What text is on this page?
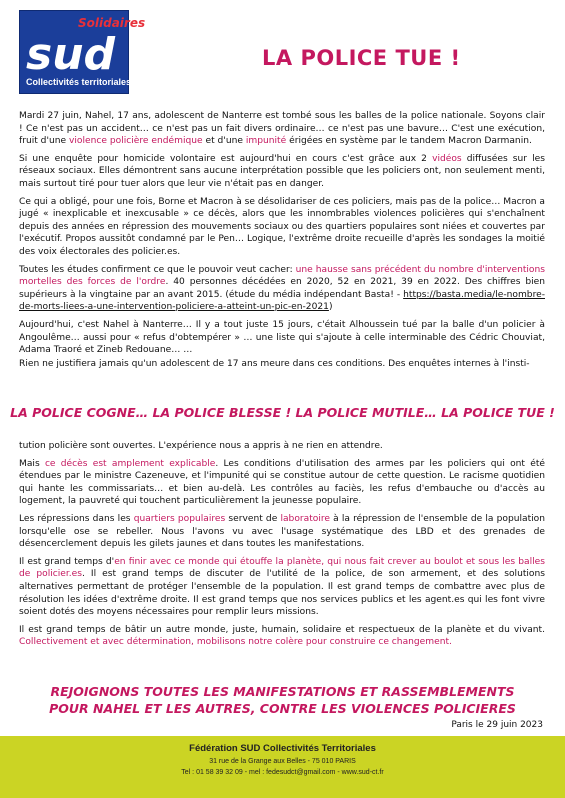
Solidaires
sud
Collectivités territoriales
LA POLICE TUE !

Mardi 27 juin, Nahel, 17 ans, adolescent de Nanterre est tombé sous les balles de la police nationale. Soyons clair ! Ce n'est pas un accident… ce n'est pas un fait divers ordinaire… ce n'est pas une bavure… C'est une exécution, fruit d'une violence policière endémique et d'une impunité érigées en système par le tandem Macron Darmanin.

Si une enquête pour homicide volontaire est aujourd'hui en cours c'est grâce aux 2 vidéos diffusées sur les réseaux sociaux. Elles démontrent sans aucune interprétation possible que les policiers ont, non seulement menti, mais surtout tiré pour tuer alors que leur vie n'était pas en danger.

Ce qui a obligé, pour une fois, Borne et Macron à se désolidariser de ces policiers, mais pas de la police… Macron a jugé « inexplicable et inexcusable » ce décès, alors que les innombrables violences policières qui s'enchaînent depuis des années en répression des mouvements sociaux ou des quartiers populaires sont niées et couvertes par l'exécutif. Propos aussitôt condamné par le Pen… Logique, l'extrême droite recueille d'après les sondages la moitié des voix électorales des policier.es.

Toutes les études confirment ce que le pouvoir veut cacher: une hausse sans précédent du nombre d'interventions mortelles des forces de l'ordre. 40 personnes décédées en 2020, 52 en 2021, 39 en 2022. Des chiffres bien supérieurs à la vingtaine par an avant 2015. (étude du média indépendant Basta! - https://basta.media/le-nombre-de-morts-liees-a-une-intervention-policiere-a-atteint-un-pic-en-2021)

Aujourd'hui, c'est Nahel à Nanterre… Il y a tout juste 15 jours, c'était Alhoussein tué par la balle d'un policier à Angoulême… aussi pour « refus d'obtempérer » … une liste qui s'ajoute à celle interminable des Cédric Chouviat, Adama Traoré et Zineb Redouane… …

Rien ne justifiera jamais qu'un adolescent de 17 ans meure dans ces conditions. Des enquêtes internes à l'insti-

LA POLICE COGNE… LA POLICE BLESSE ! LA POLICE MUTILE… LA POLICE TUE !

tution policière sont ouvertes. L'expérience nous a appris à ne rien en attendre.

Mais ce décès est amplement explicable. Les conditions d'utilisation des armes par les policiers qui ont été étendues par le ministre Cazeneuve, et l'impunité qui se constitue autour de cette question. Le racisme quotidien qui hante les commissariats… et bien au-delà. Les contrôles au faciès, les refus d'embauche ou d'accès au logement, la pauvreté qui touchent particulièrement la jeunesse populaire.

Les répressions dans les quartiers populaires servent de laboratoire à la répression de l'ensemble de la population lorsqu'elle ose se rebeller. Nous l'avons vu avec l'usage systématique des LBD et des grenades de désencerclement depuis les gilets jaunes et dans toutes les manifestations.

Il est grand temps d'en finir avec ce monde qui étouffe la planète, qui nous fait crever au boulot et sous les balles de policier.es. Il est grand temps de discuter de l'utilité de la police, de son armement, et des solutions alternatives permettant de protéger l'ensemble de la population. Il est grand temps de combattre avec plus de résolution les idées d'extrême droite. Il est grand temps que nos services publics et les agent.es qui les font vivre soient dotés des moyens nécessaires pour remplir leurs missions.

Il est grand temps de bâtir un autre monde, juste, humain, solidaire et respectueux de la planète et du vivant. Collectivement et avec détermination, mobilisons notre colère pour construire ce changement.

REJOIGNONS TOUTES LES MANIFESTATIONS ET RASSEMBLEMENTS POUR NAHEL ET LES AUTRES, CONTRE LES VIOLENCES POLICIERES
Paris le 29 juin 2023
Fédération SUD Collectivités Territoriales
31 rue de la Grange aux Belles - 75 010 PARIS
Tel : 01 58 39 32 09 - mel : fedesudct@gmail.com - www.sud-ct.fr
